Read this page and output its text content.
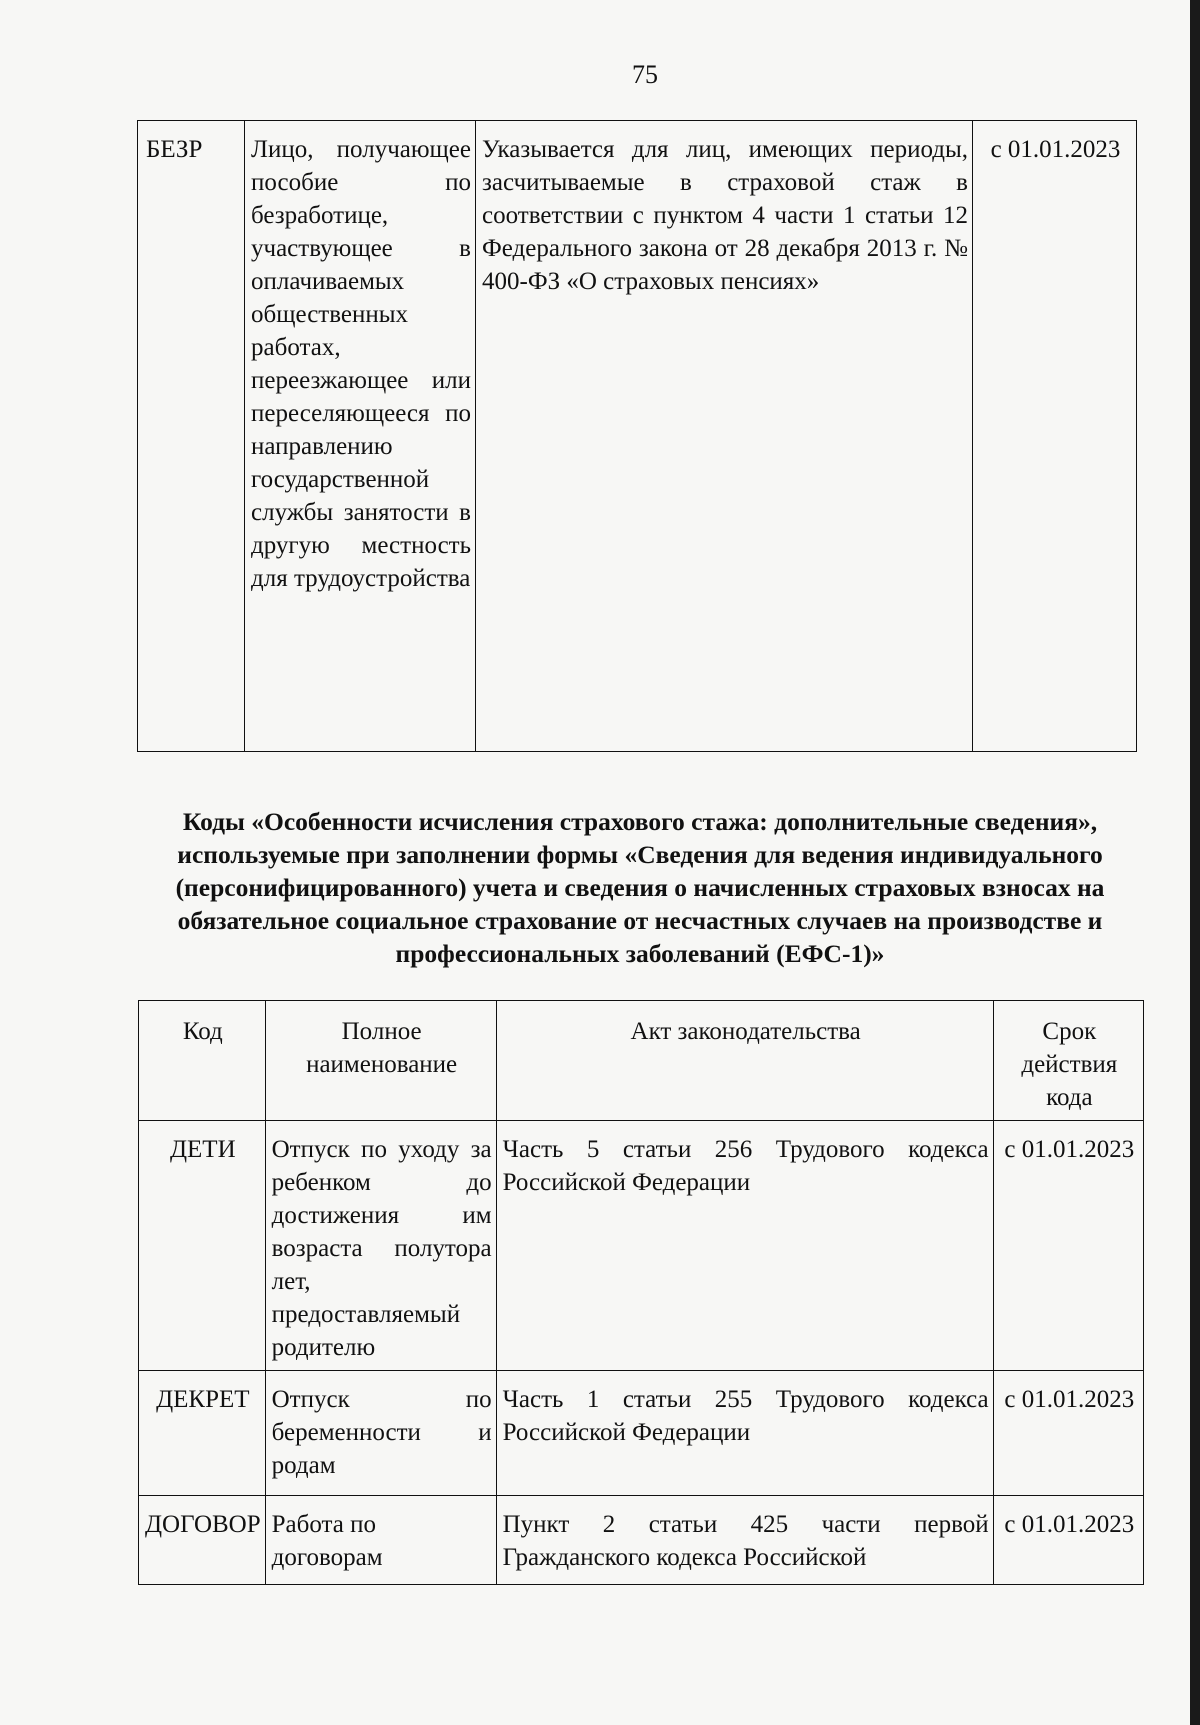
75
БЕЗР	Лицо, получающее пособие по безработице, участвующее в оплачиваемых общественных работах, переезжающее или переселяющееся по направлению государственной службы занятости в другую местность для трудоустройства	Указывается для лиц, имеющих периоды, засчитываемые в страховой стаж в соответствии с пунктом 4 части 1 статьи 12 Федерального закона от 28 декабря 2013 г. № 400-ФЗ «О страховых пенсиях»	с 01.01.2023
Коды «Особенности исчисления страхового стажа: дополнительные сведения», используемые при заполнении формы «Сведения для ведения индивидуального (персонифицированного) учета и сведения о начисленных страховых взносах на обязательное социальное страхование от несчастных случаев на производстве и профессиональных заболеваний (ЕФС-1)»
Код	Полное наименование	Акт законодательства	Срок действия кода
ДЕТИ	Отпуск по уходу за ребенком до достижения им возраста полутора лет, предоставляемый родителю	Часть 5 статьи 256 Трудового кодекса Российской Федерации	с 01.01.2023
ДЕКРЕТ	Отпуск по беременности и родам	Часть 1 статьи 255 Трудового кодекса Российской Федерации	с 01.01.2023
ДОГОВОР	Работа по договорам	Пункт 2 статьи 425 части первой Гражданского кодекса Российской	с 01.01.2023
